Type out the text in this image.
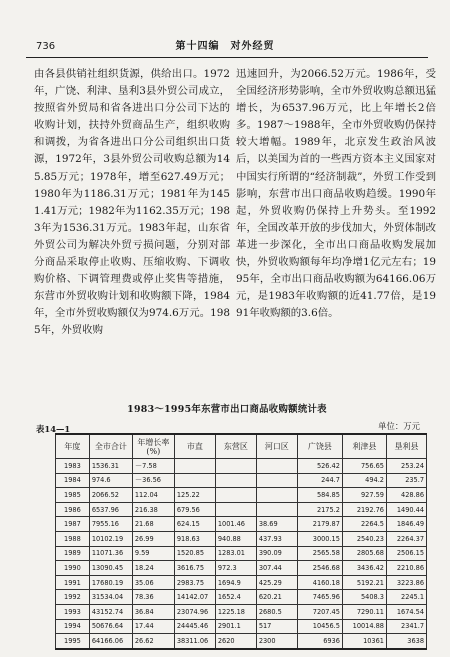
736	第十四编　对外经贸

由各县供销社组织货源，供给出口。1972年，广饶、利津、垦利3县外贸公司成立，按照省外贸局和省各进出口分公司下达的收购计划，扶持外贸商品生产，组织收购和调拨，为省各进出口分公司组织出口货源，1972年，3县外贸公司收购总额为145.85万元；1978年，增至627.49万元；1980年为1186.31万元；1981年为1451.41万元；1982年为1162.35万元；1983年为1536.31万元。1983年起，山东省外贸公司为解决外贸亏损问题，分别对部分商品采取停止收购、压缩收购、下调收购价格、下调管理费或停止奖售等措施，东营市外贸收购计划和收购额下降，1984年，全市外贸收购额仅为974.6万元。1985年，外贸收购

迅速回升，为2066.52万元。1986年，受全国经济形势影响，全市外贸收购总额迅猛增长，为6537.96万元，比上年增长2倍多。1987～1988年，全市外贸收购仍保持较大增幅。1989年，北京发生政治风波后，以美国为首的一些西方资本主义国家对中国实行所谓的“经济制裁”，外贸工作受到影响，东营市出口商品收购趋缓。1990年起，外贸收购仍保持上升势头。至1992年，全国改革开放的步伐加大，外贸体制改革进一步深化，全市出口商品收购发展加快，外贸收购额每年均净增1亿元左右；1995年，全市出口商品收购额为64166.06万元，是1983年收购额的近41.77倍，是1991年收购额的3.6倍。

1983～1995年东营市出口商品收购额统计表
表14—1	单位：万元
年度	全市合计	年增长率(%)	市直	东营区	河口区	广饶县	利津县	垦利县
1983	1536.31	－7.58				526.42	756.65	253.24
1984	974.6	－36.56				244.7	494.2	235.7
1985	2066.52	112.04	125.22			584.85	927.59	428.86
1986	6537.96	216.38	679.56			2175.2	2192.76	1490.44
1987	7955.16	21.68	624.15	1001.46	38.69	2179.87	2264.5	1846.49
1988	10102.19	26.99	918.63	940.88	437.93	3000.15	2540.23	2264.37
1989	11071.36	9.59	1520.85	1283.01	390.09	2565.58	2805.68	2506.15
1990	13090.45	18.24	3616.75	972.3	307.44	2546.68	3436.42	2210.86
1991	17680.19	35.06	2983.75	1694.9	425.29	4160.18	5192.21	3223.86
1992	31534.04	78.36	14142.07	1652.4	620.21	7465.96	5408.3	2245.1
1993	43152.74	36.84	23074.96	1225.18	2680.5	7207.45	7290.11	1674.54
1994	50676.64	17.44	24445.46	2901.1	517	10456.5	10014.88	2341.7
1995	64166.06	26.62	38311.06	2620	2300	6936	10361	3638
